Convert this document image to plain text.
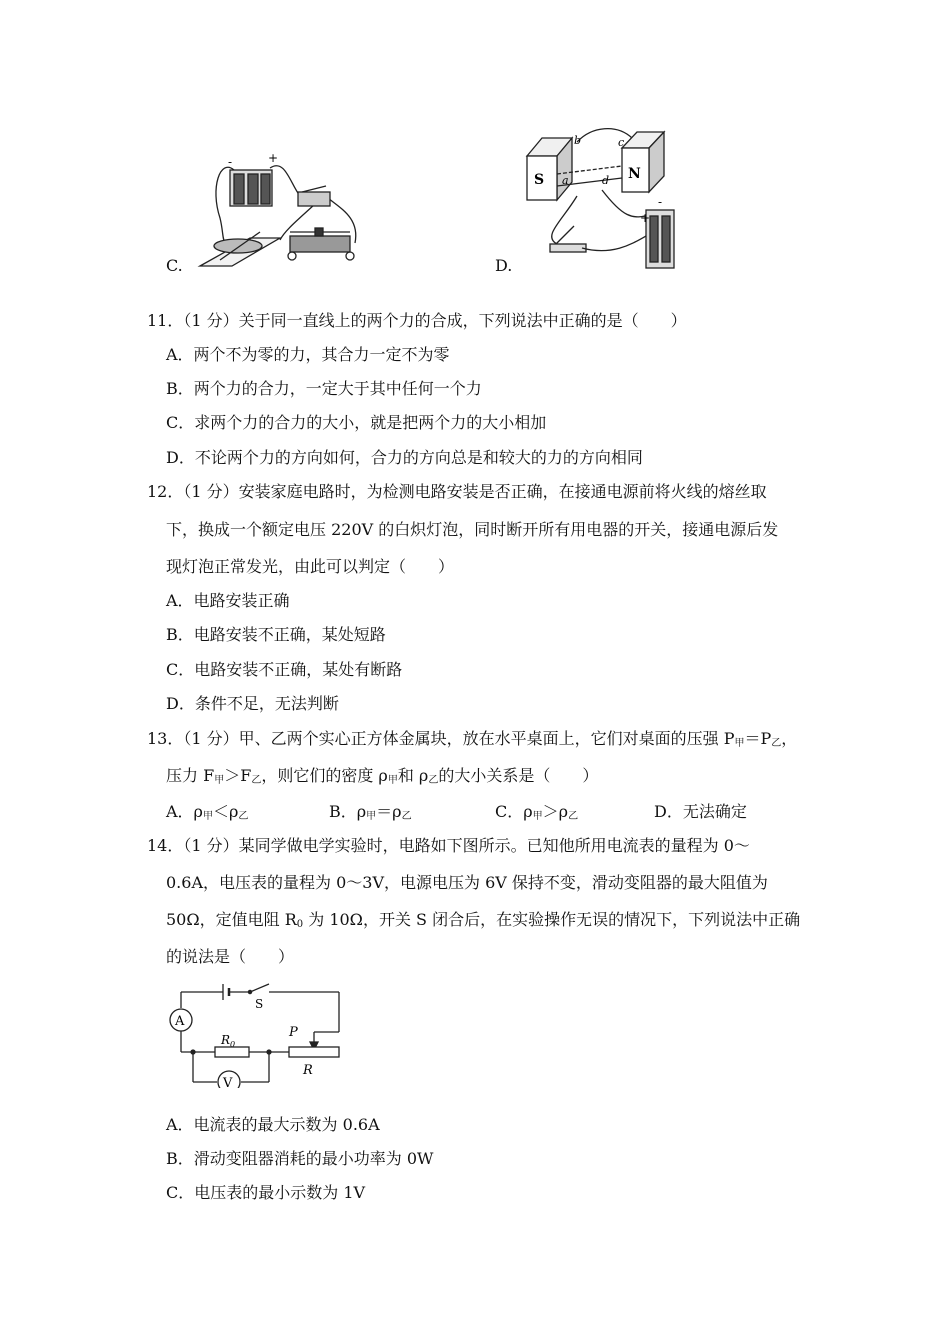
-	+
C.
S	N
b	c
a	d
-
+
D.
11．（1 分）关于同一直线上的两个力的合成，下列说法中正确的是（　　）
A．两个不为零的力，其合力一定不为零
B．两个力的合力，一定大于其中任何一个力
C．求两个力的合力的大小，就是把两个力的大小相加
D．不论两个力的方向如何，合力的方向总是和较大的力的方向相同
12．（1 分）安装家庭电路时，为检测电路安装是否正确，在接通电源前将火线的熔丝取
下，换成一个额定电压 220V 的白炽灯泡，同时断开所有用电器的开关，接通电源后发
现灯泡正常发光，由此可以判定（　　）
A．电路安装正确
B．电路安装不正确，某处短路
C．电路安装不正确，某处有断路
D．条件不足，无法判断
13．（1 分）甲、乙两个实心正方体金属块，放在水平桌面上，它们对桌面的压强 $P_甲=P_乙$，
压力 $F_甲>F_乙$，则它们的密度 $\rho_甲$和 $\rho_乙$的大小关系是（　　）
A．$\rho_甲<\rho_乙$	B．$\rho_甲=\rho_乙$	C．$\rho_甲>\rho_乙$	D．无法确定
14．（1 分）某同学做电学实验时，电路如下图所示。已知他所用电流表的量程为 0～
0.6A，电压表的量程为 0～3V，电源电压为 6V 保持不变，滑动变阻器的最大阻值为
50Ω，定值电阻 $R_0$ 为 10Ω，开关 S 闭合后，在实验操作无误的情况下，下列说法中正确
的说法是（　　）
A
V
S
P
R
$R_0$
A．电流表的最大示数为 0.6A
B．滑动变阻器消耗的最小功率为 0W
C．电压表的最小示数为 1V
